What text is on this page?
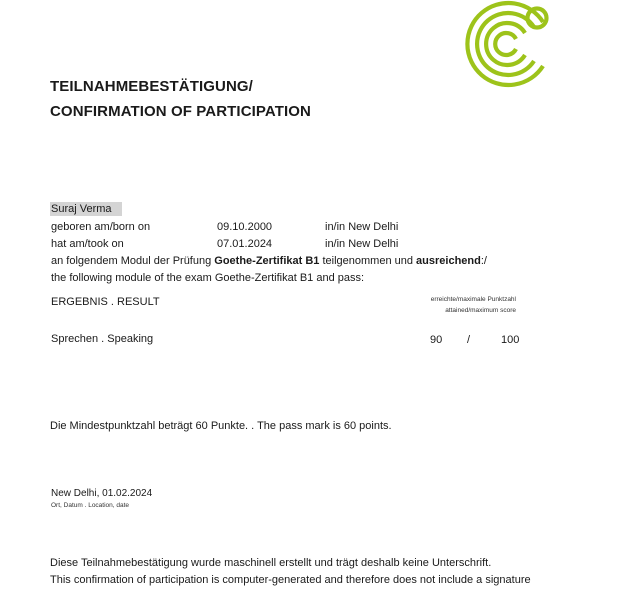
TEILNAHMEBESTÄTIGUNG/
CONFIRMATION OF PARTICIPATION
Suraj Verma
geboren am/born on	09.10.2000	in/in New Delhi
hat am/took on	07.01.2024	in/in New Delhi
an folgendem Modul der Prüfung Goethe-Zertifikat B1 teilgenommen und ausreichend:/
the following module of the exam Goethe-Zertifikat B1 and pass:
ERGEBNIS . RESULT	erreichte/maximale Punktzahl
attained/maximum score
Sprechen . Speaking	90 /	100
Die Mindestpunktzahl beträgt 60 Punkte. . The pass mark is 60 points.
New Delhi, 01.02.2024
Ort, Datum . Location, date
Diese Teilnahmebestätigung wurde maschinell erstellt und trägt deshalb keine Unterschrift.
This confirmation of participation is computer-generated and therefore does not include a signature
